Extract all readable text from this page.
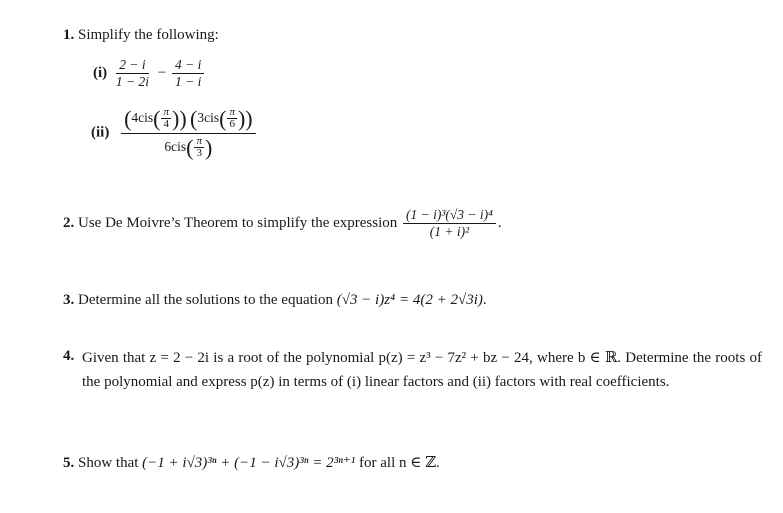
1. Simplify the following:
$(i) \frac{2 - i}{1 - 2i} - \frac{4 - i}{1 - i}$
$(ii) \frac{(4cis( \frac{\pi}{4} )) (3cis( \frac{\pi}{6} ))}{6cis( \frac{\pi}{3} )}$
2. Use De Moivre’s Theorem to simplify the expression $\frac{\text{(1 − i)³(√3 − i)⁴}}{\text{(1 + i)²}}$ .
3. Determine all the solutions to the equation (√3 − i)z⁴ = 4(2 + 2√3i).
4. Given that z = 2 − 2i is a root of the polynomial p(z) = z³ − 7z² + bz − 24, where b ∈ ℝ. Determine the roots of the polynomial and express p(z) in terms of (i) linear factors and (ii) factors with real coefficients.
5. Show that (−1 + i√3)³ⁿ + (−1 − i√3)³ⁿ = 2³ⁿ⁺¹ for all n ∈ ℤ.
